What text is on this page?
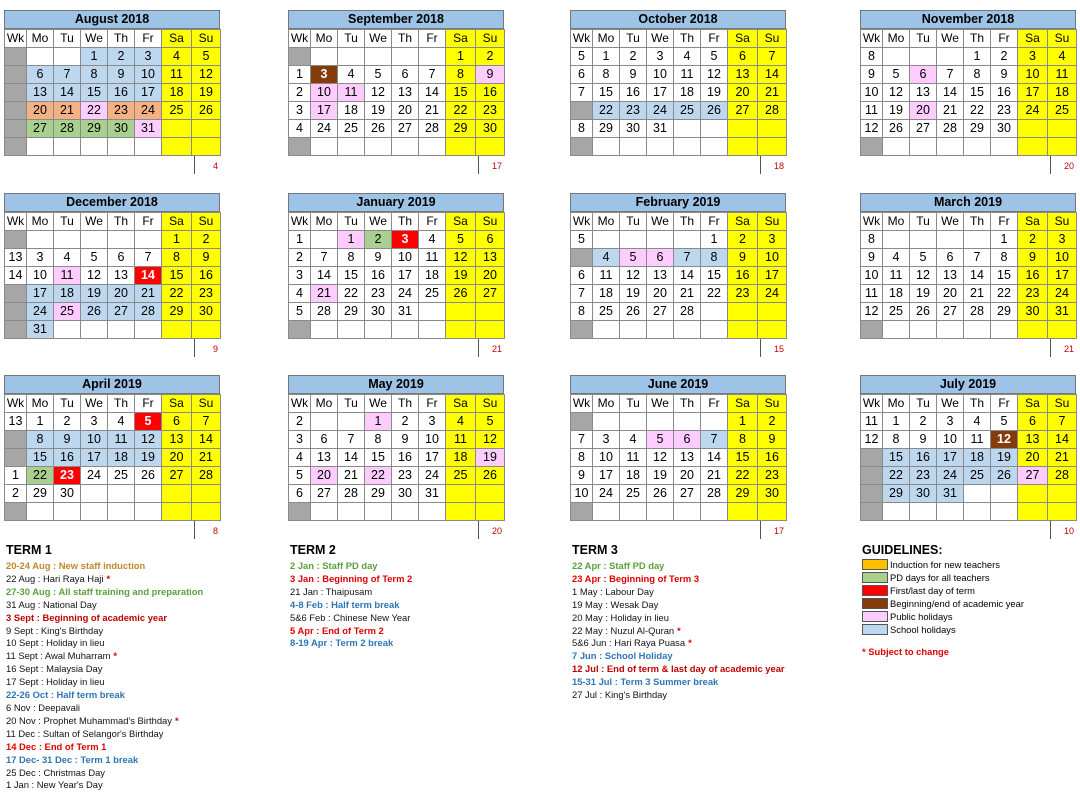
August 2018
Wk	Mo	Tu	We	Th	Fr	Sa	Su
			1	2	3	4	5
	6	7	8	9	10	11	12
	13	14	15	16	17	18	19
	20	21	22	23	24	25	26
	27	28	29	30	31		

4
September 2018
Wk	Mo	Tu	We	Th	Fr	Sa	Su
						1	2
1	3	4	5	6	7	8	9
2	10	11	12	13	14	15	16
3	17	18	19	20	21	22	23
4	24	25	26	27	28	29	30

17
October 2018
Wk	Mo	Tu	We	Th	Fr	Sa	Su
5	1	2	3	4	5	6	7
6	8	9	10	11	12	13	14
7	15	16	17	18	19	20	21
	22	23	24	25	26	27	28
8	29	30	31				

18
November 2018
Wk	Mo	Tu	We	Th	Fr	Sa	Su
8				1	2	3	4
9	5	6	7	8	9	10	11
10	12	13	14	15	16	17	18
11	19	20	21	22	23	24	25
12	26	27	28	29	30		

20
December 2018
Wk	Mo	Tu	We	Th	Fr	Sa	Su
						1	2
13	3	4	5	6	7	8	9
14	10	11	12	13	14	15	16
	17	18	19	20	21	22	23
	24	25	26	27	28	29	30
	31						
9
January 2019
Wk	Mo	Tu	We	Th	Fr	Sa	Su
1		1	2	3	4	5	6
2	7	8	9	10	11	12	13
3	14	15	16	17	18	19	20
4	21	22	23	24	25	26	27
5	28	29	30	31			

21
February 2019
Wk	Mo	Tu	We	Th	Fr	Sa	Su
5					1	2	3
	4	5	6	7	8	9	10
6	11	12	13	14	15	16	17
7	18	19	20	21	22	23	24
8	25	26	27	28			

15
March 2019
Wk	Mo	Tu	We	Th	Fr	Sa	Su
8					1	2	3
9	4	5	6	7	8	9	10
10	11	12	13	14	15	16	17
11	18	19	20	21	22	23	24
12	25	26	27	28	29	30	31

21
April 2019
Wk	Mo	Tu	We	Th	Fr	Sa	Su
13	1	2	3	4	5	6	7
	8	9	10	11	12	13	14
	15	16	17	18	19	20	21
1	22	23	24	25	26	27	28
2	29	30					

8
May 2019
Wk	Mo	Tu	We	Th	Fr	Sa	Su
2			1	2	3	4	5
3	6	7	8	9	10	11	12
4	13	14	15	16	17	18	19
5	20	21	22	23	24	25	26
6	27	28	29	30	31		

20
June 2019
Wk	Mo	Tu	We	Th	Fr	Sa	Su
						1	2
7	3	4	5	6	7	8	9
8	10	11	12	13	14	15	16
9	17	18	19	20	21	22	23
10	24	25	26	27	28	29	30

17
July 2019
Wk	Mo	Tu	We	Th	Fr	Sa	Su
11	1	2	3	4	5	6	7
12	8	9	10	11	12	13	14
	15	16	17	18	19	20	21
	22	23	24	25	26	27	28
	29	30	31				

10
TERM 1
20-24 Aug : New staff induction
22 Aug : Hari Raya Haji *
27-30 Aug : All staff training and preparation
31 Aug : National Day
3 Sept : Beginning of academic year
9 Sept : King's Birthday
10 Sept : Holiday in lieu
11 Sept : Awal Muharram *
16 Sept : Malaysia Day
17 Sept : Holiday in lieu
22-26 Oct : Half term break
6 Nov : Deepavali
20 Nov : Prophet Muhammad's Birthday *
11 Dec : Sultan of Selangor's Birthday
14 Dec : End of Term 1
17 Dec- 31 Dec : Term 1 break
25 Dec : Christmas Day
1 Jan : New Year's Day
TERM 2
2 Jan : Staff PD day
3 Jan : Beginning of Term 2
21 Jan : Thaipusam
4-8 Feb : Half term break
5&6 Feb : Chinese New Year
5 Apr : End of Term 2
8-19 Apr : Term 2 break
TERM 3
22 Apr : Staff PD day
23 Apr : Beginning of Term 3
1 May : Labour Day
19 May : Wesak Day
20 May : Holiday in lieu
22 May : Nuzul Al-Quran *
5&6 Jun : Hari Raya Puasa *
7 Jun : School Holiday
12 Jul : End of term & last day of academic year
15-31 Jul : Term 3 Summer break
27 Jul : King's Birthday
GUIDELINES:
Induction for new teachers
PD days for all teachers
First/last day of term
Beginning/end of academic year
Public holidays
School holidays
* Subject to change
